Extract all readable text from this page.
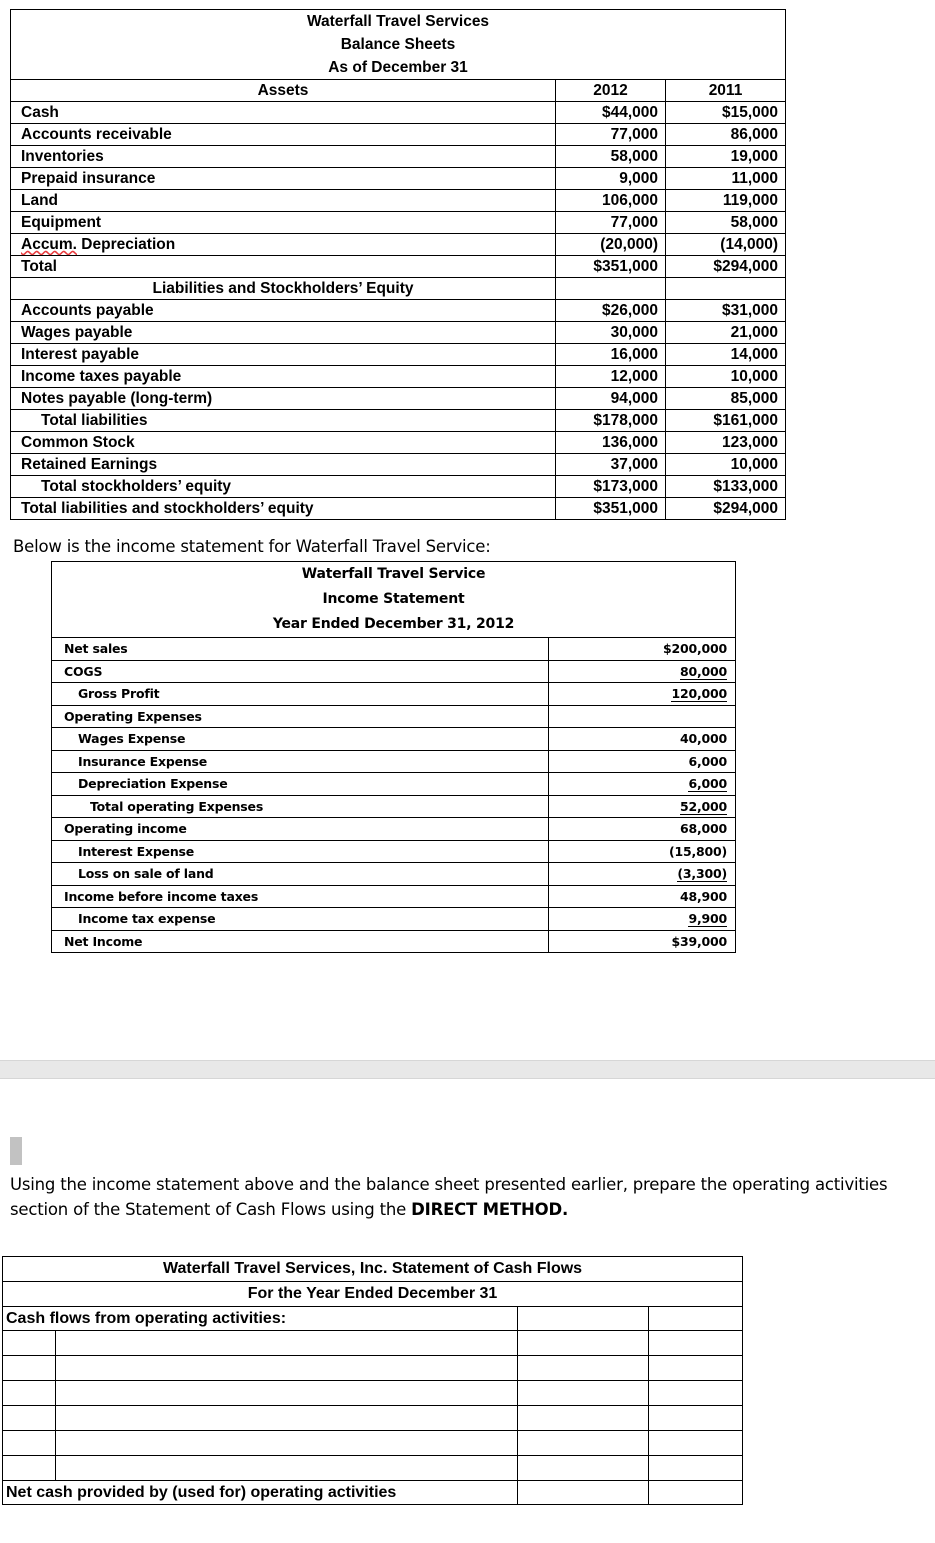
Waterfall Travel Services		
Balance Sheets		
As of December 31		
Assets	2012	2011
Cash	$44,000	$15,000
Accounts receivable	77,000	86,000
Inventories	58,000	19,000
Prepaid insurance	9,000	11,000
Land	106,000	119,000
Equipment	77,000	58,000
Accum. Depreciation	(20,000)	(14,000)
Total	$351,000	$294,000
Liabilities and Stockholders’ Equity		
Accounts payable	$26,000	$31,000
Wages payable	30,000	21,000
Interest payable	16,000	14,000
Income taxes payable	12,000	10,000
Notes payable (long-term)	94,000	85,000
Total liabilities	$178,000	$161,000
Common Stock	136,000	123,000
Retained Earnings	37,000	10,000
Total stockholders’ equity	$173,000	$133,000
Total liabilities and stockholders’ equity	$351,000	$294,000
Below is the income statement for Waterfall Travel Service:
Waterfall Travel Service	
Income Statement	
Year Ended December 31, 2012	
Net sales	$200,000
COGS	80,000
Gross Profit	120,000
Operating Expenses	
Wages Expense	40,000
Insurance Expense	6,000
Depreciation Expense	6,000
Total operating Expenses	52,000
Operating income	68,000
Interest Expense	(15,800)
Loss on sale of land	(3,300)
Income before income taxes	48,900
Income tax expense	9,900
Net Income	$39,000
Using the income statement above and the balance sheet presented earlier, prepare the operating activities section of the Statement of Cash Flows using the DIRECT METHOD.
Waterfall Travel Services, Inc. Statement of Cash Flows			
For the Year Ended December 31			
Cash flows from operating activities:			

Net cash provided by (used for) operating activities			
